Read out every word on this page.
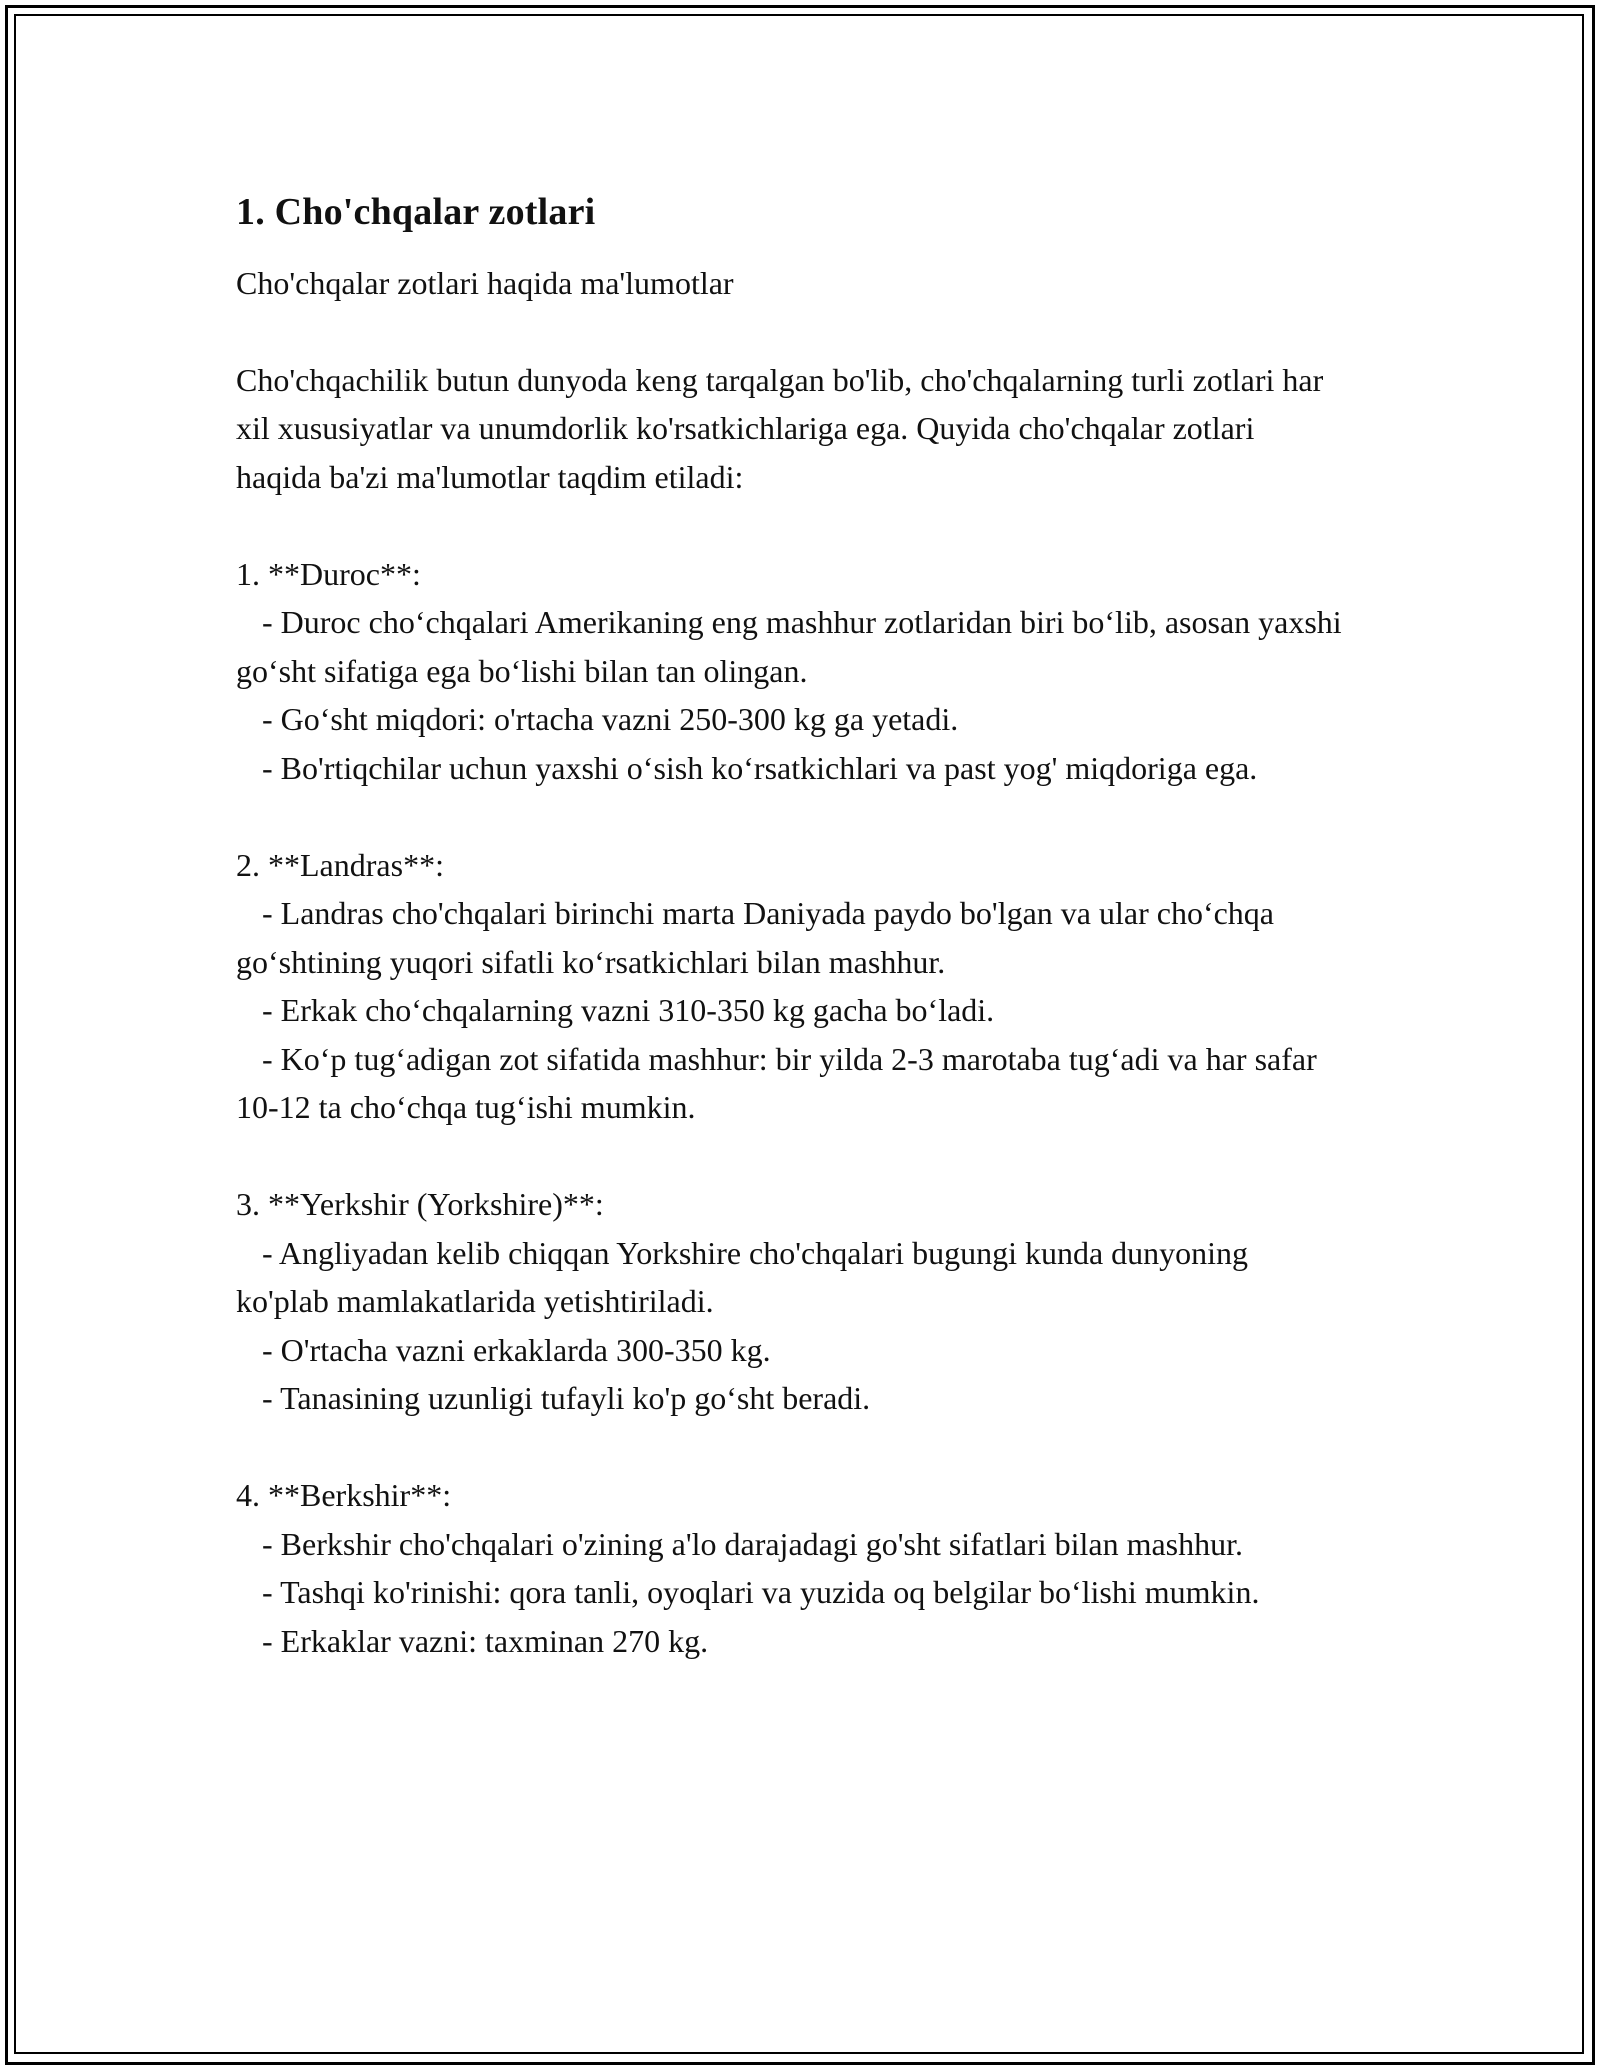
1. Cho'chqalar zotlari

Cho'chqalar zotlari haqida ma'lumotlar

Cho'chqachilik butun dunyoda keng tarqalgan bo'lib, cho'chqalarning turli zotlari har xil xususiyatlar va unumdorlik ko'rsatkichlariga ega. Quyida cho'chqalar zotlari haqida ba'zi ma'lumotlar taqdim etiladi:

1. **Duroc**:

- Duroc cho‘chqalari Amerikaning eng mashhur zotlaridan biri bo‘lib, asosan yaxshi go‘sht sifatiga ega bo‘lishi bilan tan olingan.

- Go‘sht miqdori: o'rtacha vazni 250-300 kg ga yetadi.

- Bo'rtiqchilar uchun yaxshi o‘sish ko‘rsatkichlari va past yog' miqdoriga ega.

2. **Landras**:

- Landras cho'chqalari birinchi marta Daniyada paydo bo'lgan va ular cho‘chqa go‘shtining yuqori sifatli ko‘rsatkichlari bilan mashhur.

- Erkak cho‘chqalarning vazni 310-350 kg gacha bo‘ladi.

- Ko‘p tug‘adigan zot sifatida mashhur: bir yilda 2-3 marotaba tug‘adi va har safar 10-12 ta cho‘chqa tug‘ishi mumkin.

3. **Yerkshir (Yorkshire)**:

- Angliyadan kelib chiqqan Yorkshire cho'chqalari bugungi kunda dunyoning ko'plab mamlakatlarida yetishtiriladi.

- O'rtacha vazni erkaklarda 300-350 kg.

- Tanasining uzunligi tufayli ko'p go‘sht beradi.

4. **Berkshir**:

- Berkshir cho'chqalari o'zining a'lo darajadagi go'sht sifatlari bilan mashhur.

- Tashqi ko'rinishi: qora tanli, oyoqlari va yuzida oq belgilar bo‘lishi mumkin.

- Erkaklar vazni: taxminan 270 kg.
